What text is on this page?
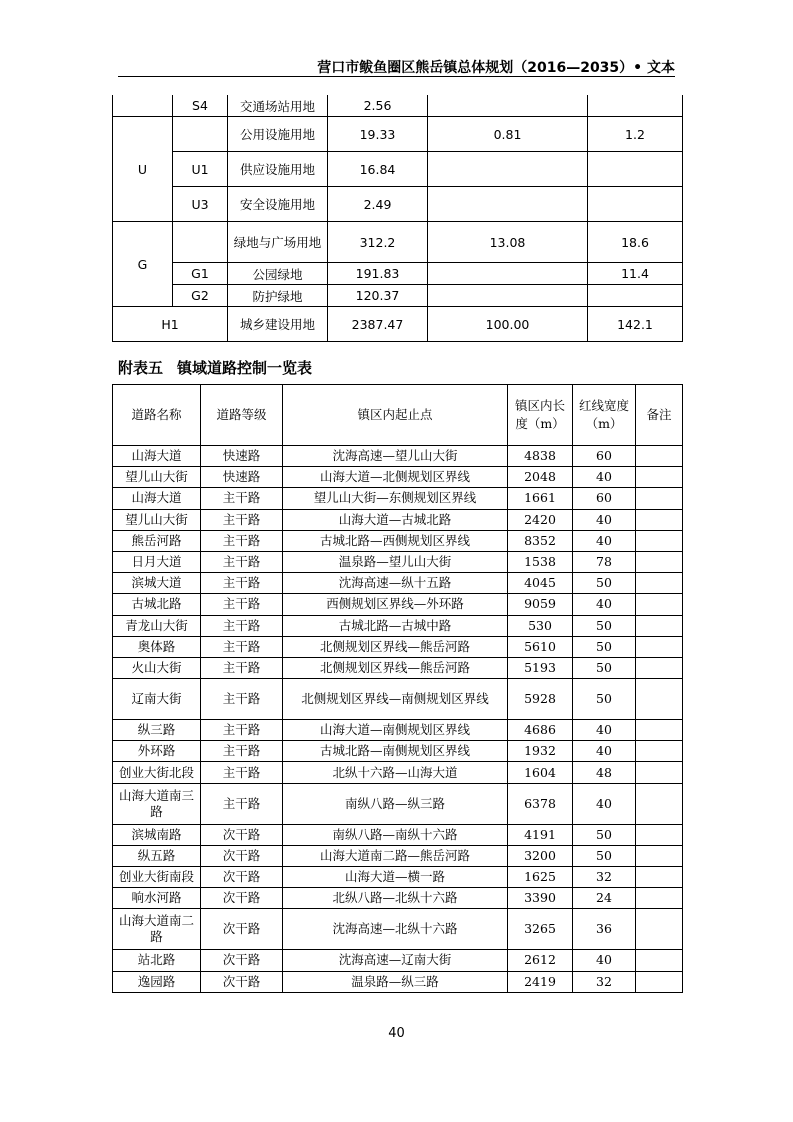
营口市鲅鱼圈区熊岳镇总体规划（2016—2035）• 文本
	S4	交通场站用地	2.56		
U		公用设施用地	19.33	0.81	1.2
	U1	供应设施用地	16.84		
	U3	安全设施用地	2.49		
G		绿地与广场用地	312.2	13.08	18.6
	G1	公园绿地	191.83		11.4
	G2	防护绿地	120.37		
H1		城乡建设用地	2387.47	100.00	142.1
附表五 镇域道路控制一览表
道路名称	道路等级	镇区内起止点	镇区内长度（m）	红线宽度（m）	备注
山海大道	快速路	沈海高速—望儿山大街	4838	60	
望儿山大街	快速路	山海大道—北侧规划区界线	2048	40	
山海大道	主干路	望儿山大街—东侧规划区界线	1661	60	
望儿山大街	主干路	山海大道—古城北路	2420	40	
熊岳河路	主干路	古城北路—西侧规划区界线	8352	40	
日月大道	主干路	温泉路—望儿山大街	1538	78	
滨城大道	主干路	沈海高速—纵十五路	4045	50	
古城北路	主干路	西侧规划区界线—外环路	9059	40	
青龙山大街	主干路	古城北路—古城中路	530	50	
奥体路	主干路	北侧规划区界线—熊岳河路	5610	50	
火山大街	主干路	北侧规划区界线—熊岳河路	5193	50	
辽南大街	主干路	北侧规划区界线—南侧规划区界线	5928	50	
纵三路	主干路	山海大道—南侧规划区界线	4686	40	
外环路	主干路	古城北路—南侧规划区界线	1932	40	
创业大街北段	主干路	北纵十六路—山海大道	1604	48	
山海大道南三路	主干路	南纵八路—纵三路	6378	40	
滨城南路	次干路	南纵八路—南纵十六路	4191	50	
纵五路	次干路	山海大道南二路—熊岳河路	3200	50	
创业大街南段	次干路	山海大道—横一路	1625	32	
响水河路	次干路	北纵八路—北纵十六路	3390	24	
山海大道南二路	次干路	沈海高速—北纵十六路	3265	36	
站北路	次干路	沈海高速—辽南大街	2612	40	
逸园路	次干路	温泉路—纵三路	2419	32	
40
